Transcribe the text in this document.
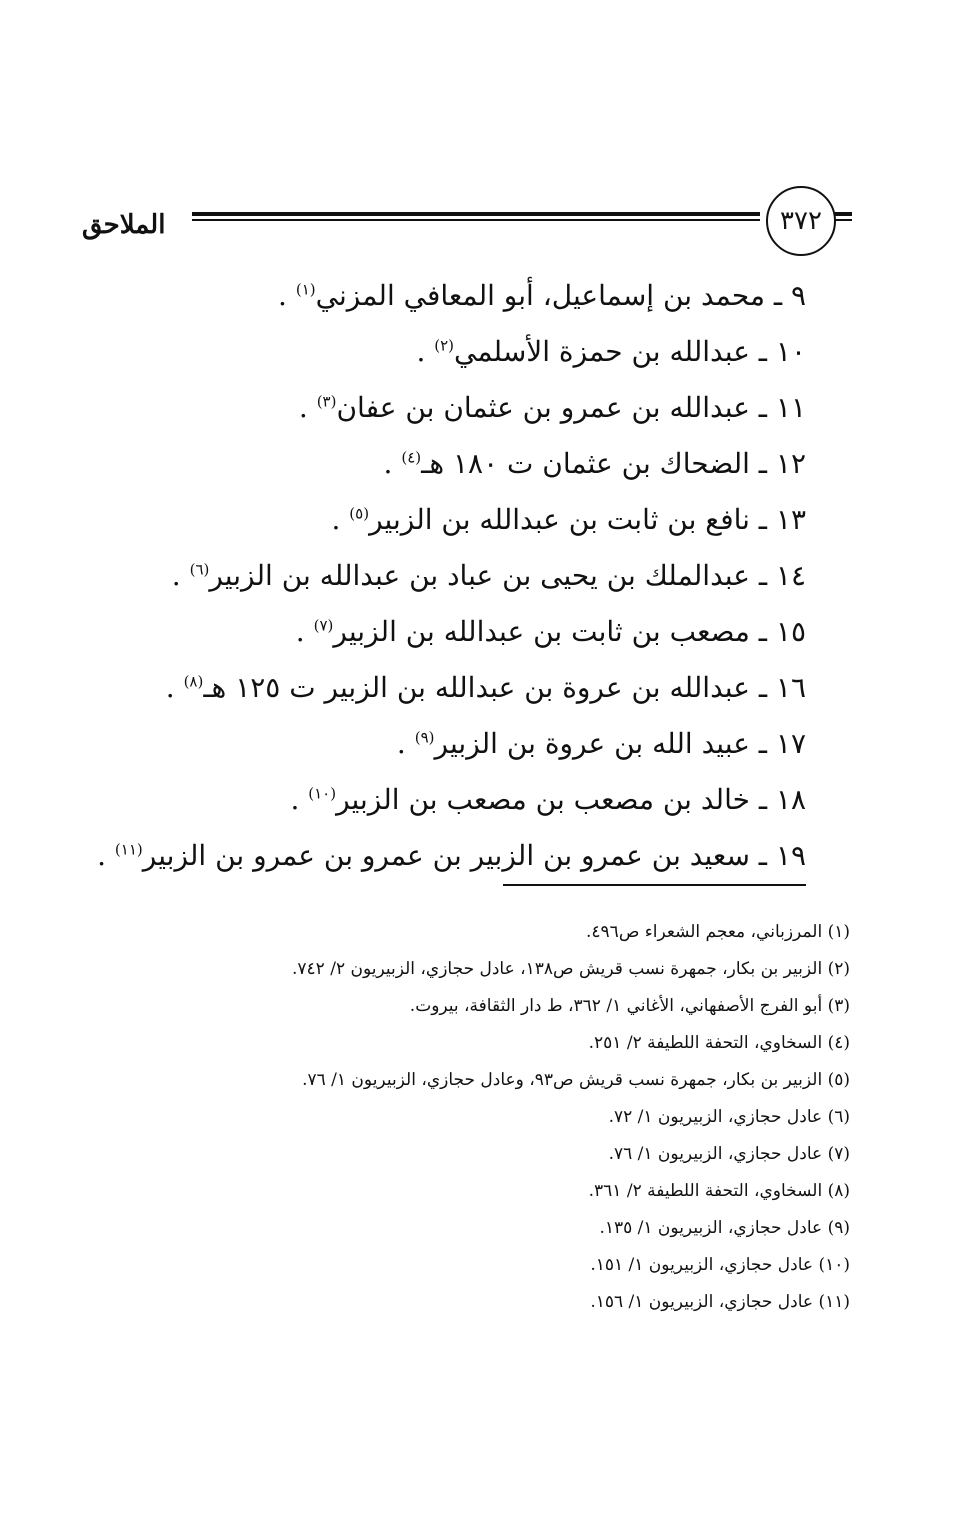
الملاحق	٣٧٢
٩ ـ محمد بن إسماعيل، أبو المعافي المزني$^{(١)}$ .
١٠ ـ عبدالله بن حمزة الأسلمي$^{(٢)}$ .
١١ ـ عبدالله بن عمرو بن عثمان بن عفان$^{(٣)}$ .
١٢ ـ الضحاك بن عثمان ت ١٨٠ هـ$^{(٤)}$ .
١٣ ـ نافع بن ثابت بن عبدالله بن الزبير$^{(٥)}$ .
١٤ ـ عبدالملك بن يحيى بن عباد بن عبدالله بن الزبير$^{(٦)}$ .
١٥ ـ مصعب بن ثابت بن عبدالله بن الزبير$^{(٧)}$ .
١٦ ـ عبدالله بن عروة بن عبدالله بن الزبير ت ١٢٥ هـ$^{(٨)}$ .
١٧ ـ عبيد الله بن عروة بن الزبير$^{(٩)}$ .
١٨ ـ خالد بن مصعب بن مصعب بن الزبير$^{(١٠)}$ .
١٩ ـ سعيد بن عمرو بن الزبير بن عمرو بن عمرو بن الزبير$^{(١١)}$ .
(١) المرزباني، معجم الشعراء ص٤٩٦.
(٢) الزبير بن بكار، جمهرة نسب قريش ص١٣٨، عادل حجازي، الزبيريون ٢/ ٧٤٢.
(٣) أبو الفرج الأصفهاني، الأغاني ١/ ٣٦٢، ط دار الثقافة، بيروت.
(٤) السخاوي، التحفة اللطيفة ٢/ ٢٥١.
(٥) الزبير بن بكار، جمهرة نسب قريش ص٩٣، وعادل حجازي، الزبيريون ١/ ٧٦.
(٦) عادل حجازي، الزبيريون ١/ ٧٢.
(٧) عادل حجازي، الزبيريون ١/ ٧٦.
(٨) السخاوي، التحفة اللطيفة ٢/ ٣٦١.
(٩) عادل حجازي، الزبيريون ١/ ١٣٥.
(١٠) عادل حجازي، الزبيريون ١/ ١٥١.
(١١) عادل حجازي، الزبيريون ١/ ١٥٦.
